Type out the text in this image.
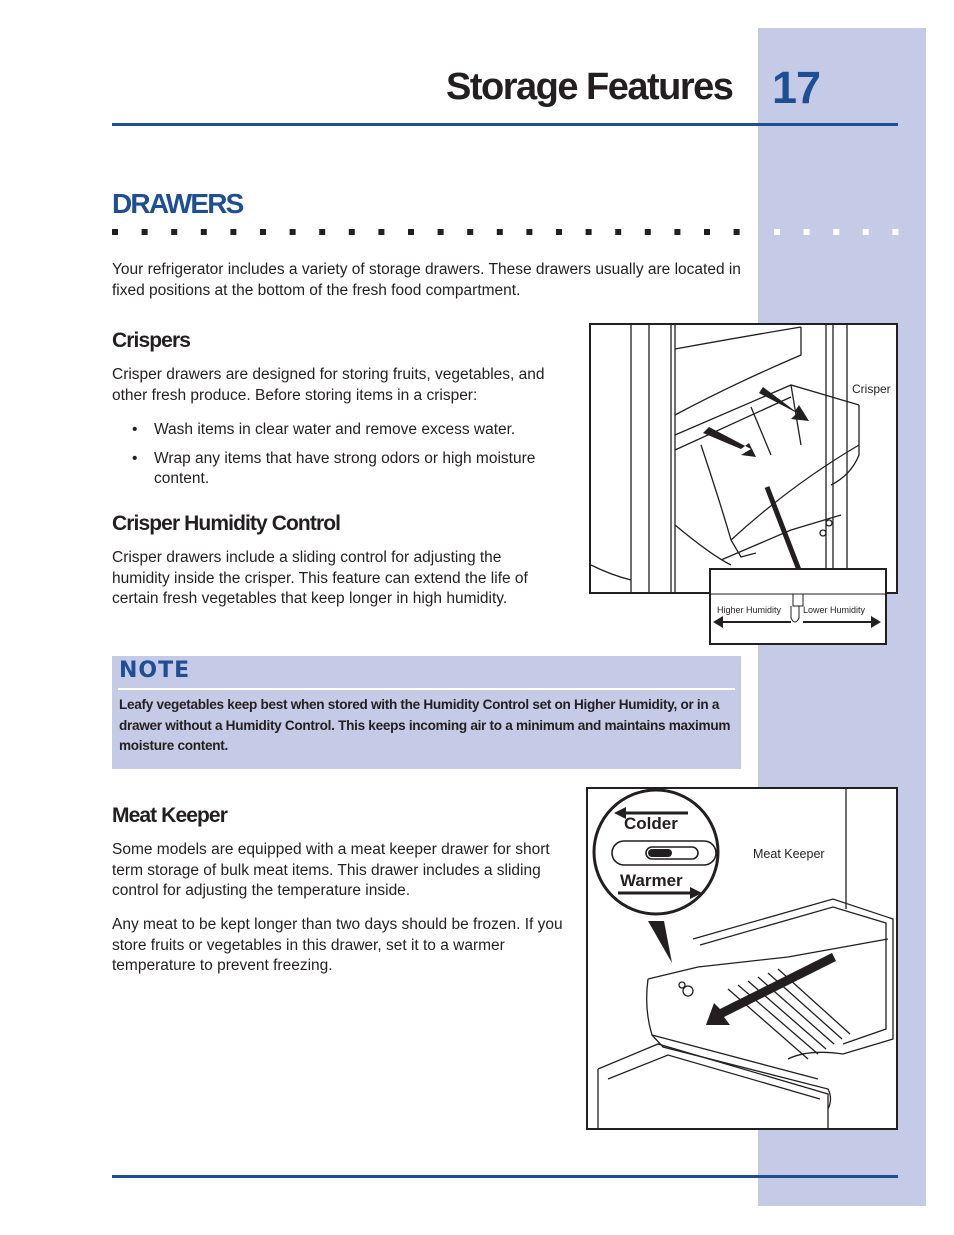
Storage Features 17
DRAWERS

Your refrigerator includes a variety of storage drawers. These drawers usually are located in fixed positions at the bottom of the fresh food compartment.

Crispers

Crisper drawers are designed for storing fruits, vegetables, and other fresh produce. Before storing items in a crisper:

• Wash items in clear water and remove excess water.
• Wrap any items that have strong odors or high moisture content.
Crisper Humidity Control

Crisper drawers include a sliding control for adjusting the humidity inside the crisper. This feature can extend the life of certain fresh vegetables that keep longer in high humidity.

Crisper
Higher Humidity Lower Humidity
NOTE

Leafy vegetables keep best when stored with the Humidity Control set on Higher Humidity, or in a drawer without a Humidity Control. This keeps incoming air to a minimum and maintains maximum moisture content.

Meat Keeper

Some models are equipped with a meat keeper drawer for short term storage of bulk meat items. This drawer includes a sliding control for adjusting the temperature inside.

Any meat to be kept longer than two days should be frozen. If you store fruits or vegetables in this drawer, set it to a warmer temperature to prevent freezing.

Colder
Warmer
Meat Keeper
